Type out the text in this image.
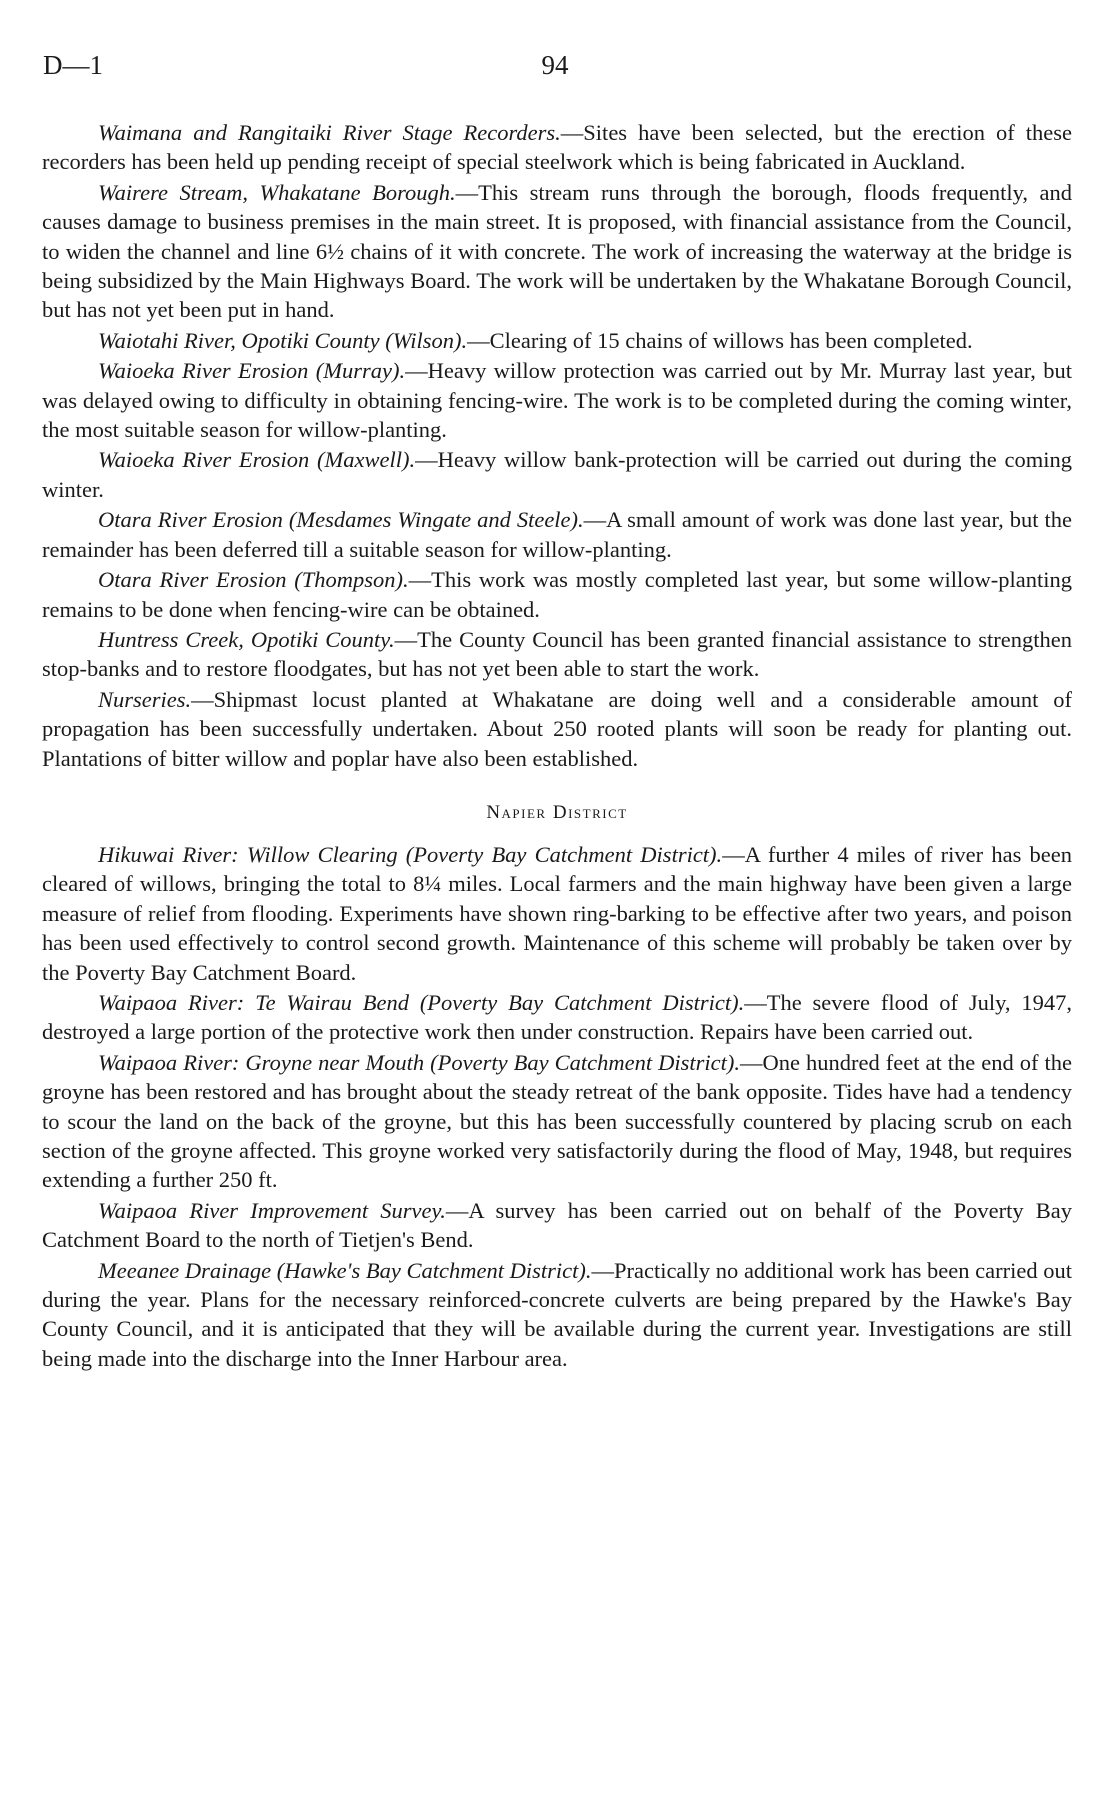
D—1	94

Waimana and Rangitaiki River Stage Recorders.—Sites have been selected, but the erection of these recorders has been held up pending receipt of special steelwork which is being fabricated in Auckland.

Wairere Stream, Whakatane Borough.—This stream runs through the borough, floods frequently, and causes damage to business premises in the main street. It is proposed, with financial assistance from the Council, to widen the channel and line 6½ chains of it with concrete. The work of increasing the waterway at the bridge is being subsidized by the Main Highways Board. The work will be undertaken by the Whakatane Borough Council, but has not yet been put in hand.

Waiotahi River, Opotiki County (Wilson).—Clearing of 15 chains of willows has been completed.

Waioeka River Erosion (Murray).—Heavy willow protection was carried out by Mr. Murray last year, but was delayed owing to difficulty in obtaining fencing-wire. The work is to be completed during the coming winter, the most suitable season for willow-planting.

Waioeka River Erosion (Maxwell).—Heavy willow bank-protection will be carried out during the coming winter.

Otara River Erosion (Mesdames Wingate and Steele).—A small amount of work was done last year, but the remainder has been deferred till a suitable season for willow-planting.

Otara River Erosion (Thompson).—This work was mostly completed last year, but some willow-planting remains to be done when fencing-wire can be obtained.

Huntress Creek, Opotiki County.—The County Council has been granted financial assistance to strengthen stop-banks and to restore floodgates, but has not yet been able to start the work.

Nurseries.—Shipmast locust planted at Whakatane are doing well and a considerable amount of propagation has been successfully undertaken. About 250 rooted plants will soon be ready for planting out. Plantations of bitter willow and poplar have also been established.

Napier District

Hikuwai River: Willow Clearing (Poverty Bay Catchment District).—A further 4 miles of river has been cleared of willows, bringing the total to 8¼ miles. Local farmers and the main highway have been given a large measure of relief from flooding. Experiments have shown ring-barking to be effective after two years, and poison has been used effectively to control second growth. Maintenance of this scheme will probably be taken over by the Poverty Bay Catchment Board.

Waipaoa River: Te Wairau Bend (Poverty Bay Catchment District).—The severe flood of July, 1947, destroyed a large portion of the protective work then under construction. Repairs have been carried out.

Waipaoa River: Groyne near Mouth (Poverty Bay Catchment District).—One hundred feet at the end of the groyne has been restored and has brought about the steady retreat of the bank opposite. Tides have had a tendency to scour the land on the back of the groyne, but this has been successfully countered by placing scrub on each section of the groyne affected. This groyne worked very satisfactorily during the flood of May, 1948, but requires extending a further 250 ft.

Waipaoa River Improvement Survey.—A survey has been carried out on behalf of the Poverty Bay Catchment Board to the north of Tietjen's Bend.

Meeanee Drainage (Hawke's Bay Catchment District).—Practically no additional work has been carried out during the year. Plans for the necessary reinforced-concrete culverts are being prepared by the Hawke's Bay County Council, and it is anticipated that they will be available during the current year. Investigations are still being made into the discharge into the Inner Harbour area.
